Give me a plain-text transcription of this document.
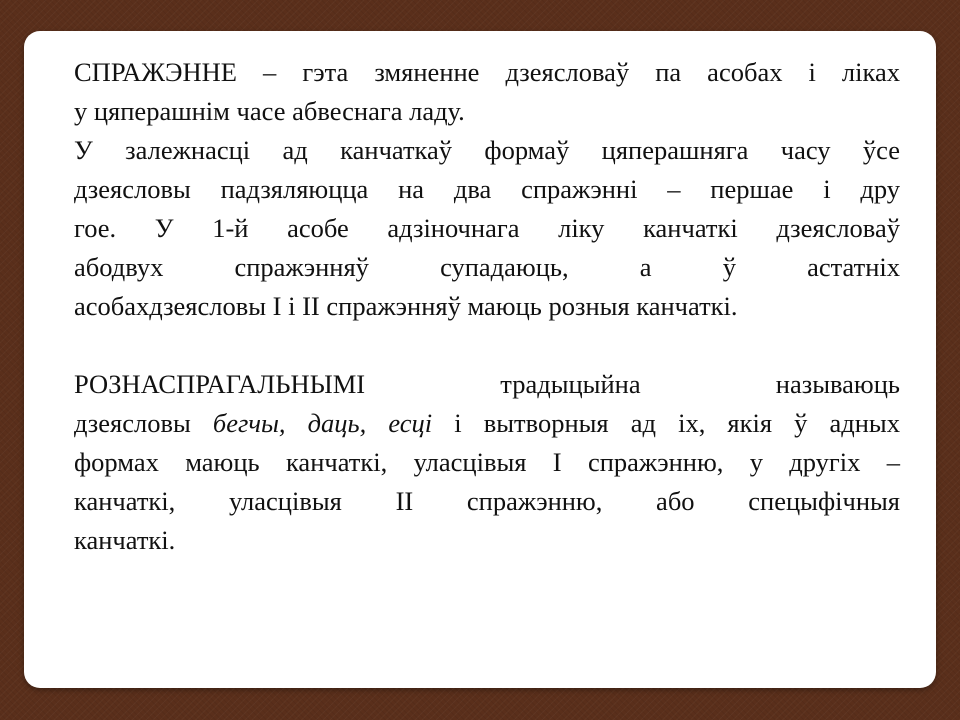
СПРАЖЭННЕ – гэта змяненне дзеясловаў па асобах і ліках
у цяперашнім часе абвеснага ладу.
У залежнасці ад канчаткаў формаў цяперашняга часу ўсе
дзеясловы падзяляюцца на два спражэнні – першае і дру
гое. У 1-й асобе адзіночнага ліку канчаткі дзеясловаў
абодвух спражэнняў супадаюць, а ў астатніх
асобахдзеясловы І і ІІ спражэнняў маюць розныя канчаткі.

РОЗНАСПРАГАЛЬНЫМІ традыцыйна называюць
дзеясловы бегчы, даць, есці і вытворныя ад іх, якія ў адных
формах маюць канчаткі, уласцівыя І спражэнню, у другіх –
канчаткі, уласцівыя ІІ спражэнню, або спецыфічныя
канчаткі.
